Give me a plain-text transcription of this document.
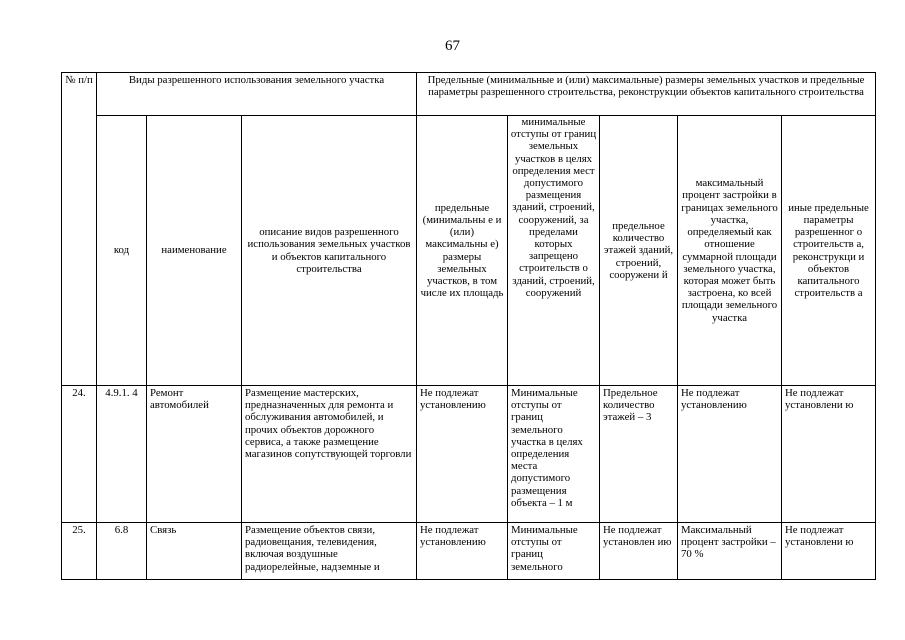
67
№ п/п	Виды разрешенного использования земельного участка			Предельные (минимальные и (или) максимальные) размеры земельных участков и предельные параметры разрешенного строительства, реконструкции объектов капитального строительства				
	код	наименование	описание видов разрешенного использования земельных участков и объектов капитального строительства	предельные (минимальны е и (или) максимальны е) размеры земельных участков, в том числе их площадь	минимальные отступы от границ земельных участков в целях определения мест допустимого размещения зданий, строений, сооружений, за пределами которых запрещено строительств о зданий, строений, сооружений	предельное количество этажей зданий, строений, сооружени й	максимальный процент застройки в границах земельного участка, определяемый как отношение суммарной площади земельного участка, которая может быть застроена, ко всей площади земельного участка	иные предельные параметры разрешенног о строительств а, реконструкци и объектов капитального строительств а
24.	4.9.1. 4	Ремонт автомобилей	Размещение мастерских, предназначенных для ремонта и обслуживания автомобилей, и прочих объектов дорожного сервиса, а также размещение магазинов сопутствующей торговли	Не подлежат установлению	Минимальные отступы от границ земельного участка в целях определения места допустимого размещения объекта – 1 м	Предельное количество этажей – 3	Не подлежат установлению	Не подлежат установлени ю
25.	6.8	Связь	Размещение объектов связи, радиовещания, телевидения, включая воздушные радиорелейные, надземные и	Не подлежат установлению	Минимальные отступы от границ земельного	Не подлежат установлен ию	Максимальный процент застройки – 70 %	Не подлежат установлени ю
